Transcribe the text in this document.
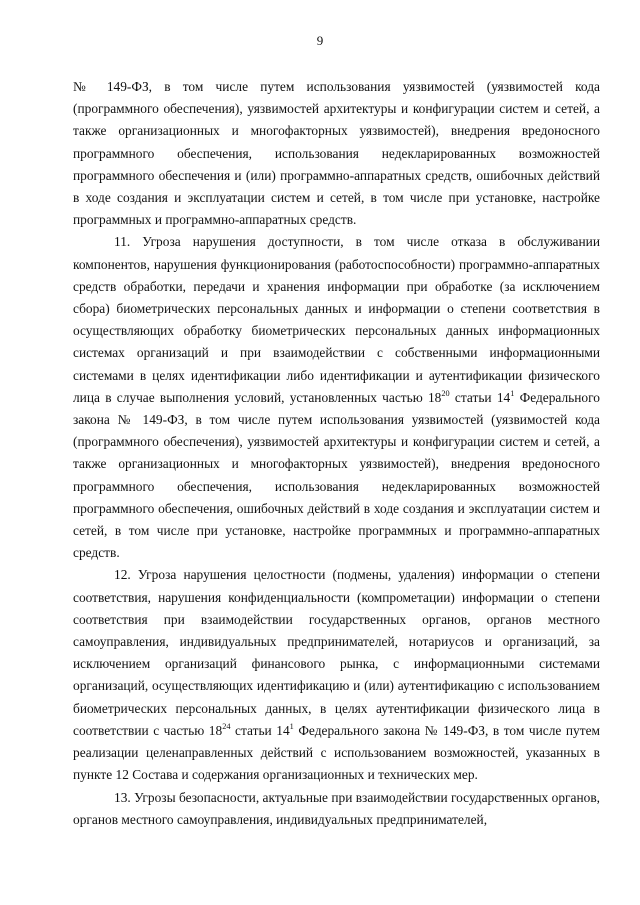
9

№ 149-ФЗ, в том числе путем использования уязвимостей (уязвимостей кода (программного обеспечения), уязвимостей архитектуры и конфигурации систем и сетей, а также организационных и многофакторных уязвимостей), внедрения вредоносного программного обеспечения, использования недекларированных возможностей программного обеспечения и (или) программно-аппаратных средств, ошибочных действий в ходе создания и эксплуатации систем и сетей, в том числе при установке, настройке программных и программно-аппаратных средств.

11. Угроза нарушения доступности, в том числе отказа в обслуживании компонентов, нарушения функционирования (работоспособности) программно-аппаратных средств обработки, передачи и хранения информации при обработке (за исключением сбора) биометрических персональных данных и информации о степени соответствия в осуществляющих обработку биометрических персональных данных информационных системах организаций и при взаимодействии с собственными информационными системами в целях идентификации либо идентификации и аутентификации физического лица в случае выполнения условий, установленных частью $18^{20}$ статьи $14^1$ Федерального закона № 149-ФЗ, в том числе путем использования уязвимостей (уязвимостей кода (программного обеспечения), уязвимостей архитектуры и конфигурации систем и сетей, а также организационных и многофакторных уязвимостей), внедрения вредоносного программного обеспечения, использования недекларированных возможностей программного обеспечения, ошибочных действий в ходе создания и эксплуатации систем и сетей, в том числе при установке, настройке программных и программно-аппаратных средств.

12. Угроза нарушения целостности (подмены, удаления) информации о степени соответствия, нарушения конфиденциальности (компрометации) информации о степени соответствия при взаимодействии государственных органов, органов местного самоуправления, индивидуальных предпринимателей, нотариусов и организаций, за исключением организаций финансового рынка, с информационными системами организаций, осуществляющих идентификацию и (или) аутентификацию с использованием биометрических персональных данных, в целях аутентификации физического лица в соответствии с частью $18^{24}$ статьи $14^1$ Федерального закона № 149-ФЗ, в том числе путем реализации целенаправленных действий с использованием возможностей, указанных в пункте 12 Состава и содержания организационных и технических мер.

13. Угрозы безопасности, актуальные при взаимодействии государственных органов, органов местного самоуправления, индивидуальных предпринимателей,
